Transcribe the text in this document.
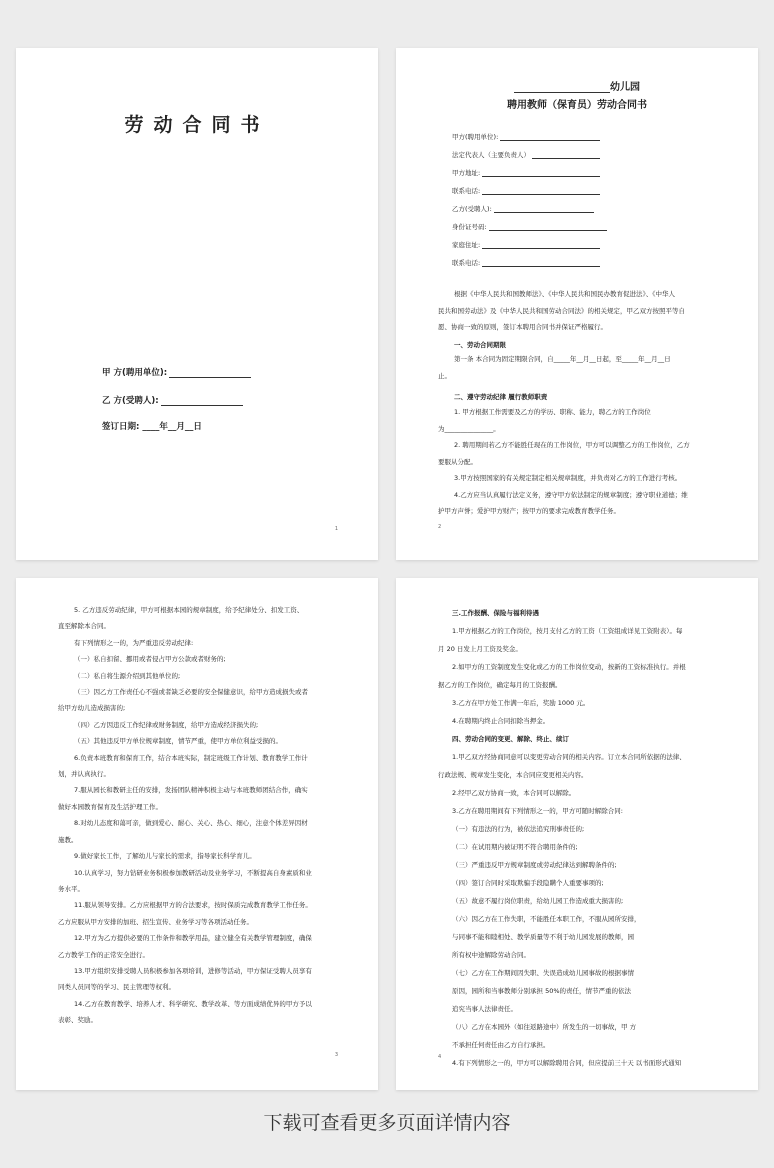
劳动合同书
甲 方(聘用单位):
乙 方(受聘人):
签订日期: ____年__月__日
1
幼儿园
聘用教师（保育员）劳动合同书
甲方(聘用单位):
法定代表人（主要负责人）
甲方地址:
联系电话:
乙方(受聘人):
身份证号码:
家庭住址:
联系电话:
根据《中华人民共和国教师法》、《中华人民共和国民办教育促进法》、《中华人
民共和国劳动法》及《中华人民共和国劳动合同法》的相关规定，甲乙双方按照平等自
愿、协商一致的原则，签订本聘用合同书并保证严格履行。
一、劳动合同期限
第一条 本合同为固定期限合同，自_____年__月__日起，至_____年__月__日
止。
二、遵守劳动纪律 履行教师职责
1. 甲方根据工作需要及乙方的学历、职称、能力，聘乙方的工作岗位
为_______________。
2. 聘用期间若乙方不能胜任现在的工作岗位，甲方可以调整乙方的工作岗位，乙方
要服从分配。
3.甲方按照国家的有关规定制定相关规章制度，并负责对乙方的工作进行考核。
4.乙方应当认真履行法定义务，遵守甲方依法制定的规章制度；遵守职业道德；维
护甲方声誉；爱护甲方财产；按甲方的要求完成教育教学任务。
2
5. 乙方违反劳动纪律，甲方可根据本园的规章制度，给予纪律处分、扣发工资、
直至解除本合同。
有下列情形之一的，为严重违反劳动纪律:
（一）私自扣留、挪用或者侵占甲方公款或者财务的;
（二）私自将生源介绍到其他单位的;
（三）因乙方工作责任心不强或者缺乏必要的安全保健意识，给甲方造成损失或者
给甲方幼儿造成损害的;
（四）乙方因违反工作纪律或财务制度，给甲方造成经济损失的;
（五）其他违反甲方单位规章制度，情节严重，使甲方单位利益受损的。
6.负责本班教育和保育工作，结合本班实际，制定班级工作计划、教育教学工作计
划，并认真执行。
7.服从园长和教研主任的安排，发扬团队精神积极主动与本班教师团结合作，确实
做好本园教育保育及生活护理工作。
8.对幼儿态度和蔼可亲，做到爱心、耐心、关心、热心、细心，注意个体差异因材
施教。
9.做好家长工作，了解幼儿与家长的需求，指导家长科学育儿。
10.认真学习，努力钻研业务积极参加教研活动及业务学习，不断提高自身素质和业
务水平。
11.服从领导安排。乙方应根据甲方的合法要求，按时保质完成教育教学工作任务。
乙方应服从甲方安排的加班、招生宣传、业务学习等各项活动任务。
12.甲方为乙方提供必要的工作条件和教学用品，建立健全有关教学管理制度，确保
乙方教学工作的正常安全进行。
13.甲方组织安排受聘人员积极参加各项培训，进修等活动，甲方保证受聘人员享有
同类人员同等的学习、民主管理等权利。
14.乙方在教育教学、培养人才、科学研究、教学改革、等方面成绩优异的甲方予以
表彰、奖励。
3
三.工作报酬、保险与福利待遇
1.甲方根据乙方的工作岗位，按月支付乙方的工资（工资组成详见工资附表）。每
月 20 日发上月工资及奖金。
2.如甲方的工资制度发生变化或乙方的工作岗位变动，按新的工资标准执行。并根
据乙方的工作岗位，确定每月的工资报酬。
3.乙方在甲方处工作满一年后，奖励 1000 元。
4.在聘期内终止合同扣除当押金。
四、劳动合同的变更、解除、终止、续订
1.甲乙双方经协商同意可以变更劳动合同的相关内容。订立本合同所依据的法律、
行政法规、规章发生变化，本合同应变更相关内容。
2.经甲乙双方协商一致，本合同可以解除。
3.乙方在聘用期间有下列情形之一的，甲方可随时解除合同:
（一）有违法的行为，被依法追究刑事责任的;
（二）在试用期内被证明不符合聘用条件的;
（三）严重违反甲方规章制度或劳动纪律达到解聘条件的;
（四）签订合同时采取欺骗手段隐瞒个人重要事项的;
（五）故意不履行岗位职责，给幼儿园工作造成重大损害的;
（六）因乙方在工作失职，不能胜任本职工作，不服从园所安排，
与同事不能和睦相处、教学质量等不利于幼儿园发展的教师，园
所有权中途解除劳动合同。
（七）乙方在工作期间因失职、失误造成幼儿园事故的根据事情
原因，园所和当事教师分别承担 50%的责任，情节严重的依法
追究当事人法律责任。
（八）乙方在本园外（如往返路途中）所发生的一切事故，甲 方
不承担任何责任由乙方自行承担。
4.有下列情形之一的，甲方可以解除聘用合同，但应提前三十天 以书面形式通知
4
下载可查看更多页面详情内容
